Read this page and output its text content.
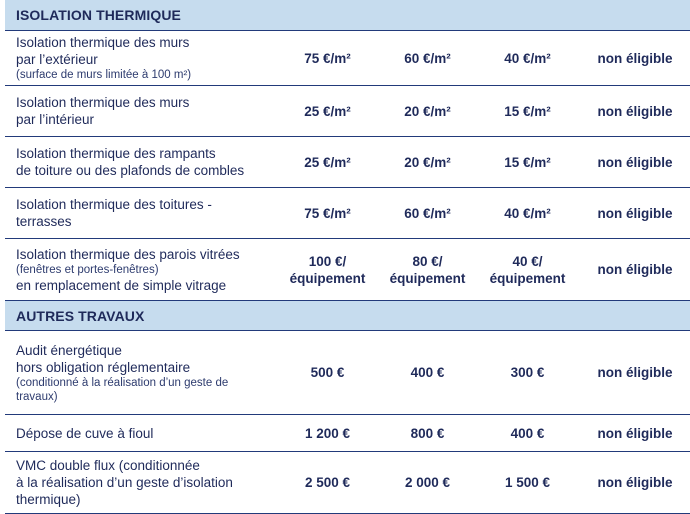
ISOLATION THERMIQUE				

Isolation thermique des murs
par l’extérieur
(surface de murs limitée à 100 m²)	75 €/m²	60 €/m²	40 €/m²	non éligible

Isolation thermique des murs
par l’intérieur	25 €/m²	20 €/m²	15 €/m²	non éligible

Isolation thermique des rampants
de toiture ou des plafonds de combles	25 €/m²	20 €/m²	15 €/m²	non éligible

Isolation thermique des toitures -
terrasses	75 €/m²	60 €/m²	40 €/m²	non éligible

Isolation thermique des parois vitrées
(fenêtres et portes-fenêtres)
en remplacement de simple vitrage	100 €/ équipement	80 €/ équipement	40 €/ équipement	non éligible
AUTRES TRAVAUX				

Audit énergétique
hors obligation réglementaire
(conditionné à la réalisation d’un geste de travaux)	500 €	400 €	300 €	non éligible

Dépose de cuve à fioul	1 200 €	800 €	400 €	non éligible

VMC double flux (conditionnée
à la réalisation d’un geste d’isolation
thermique)	2 500 €	2 000 €	1 500 €	non éligible
